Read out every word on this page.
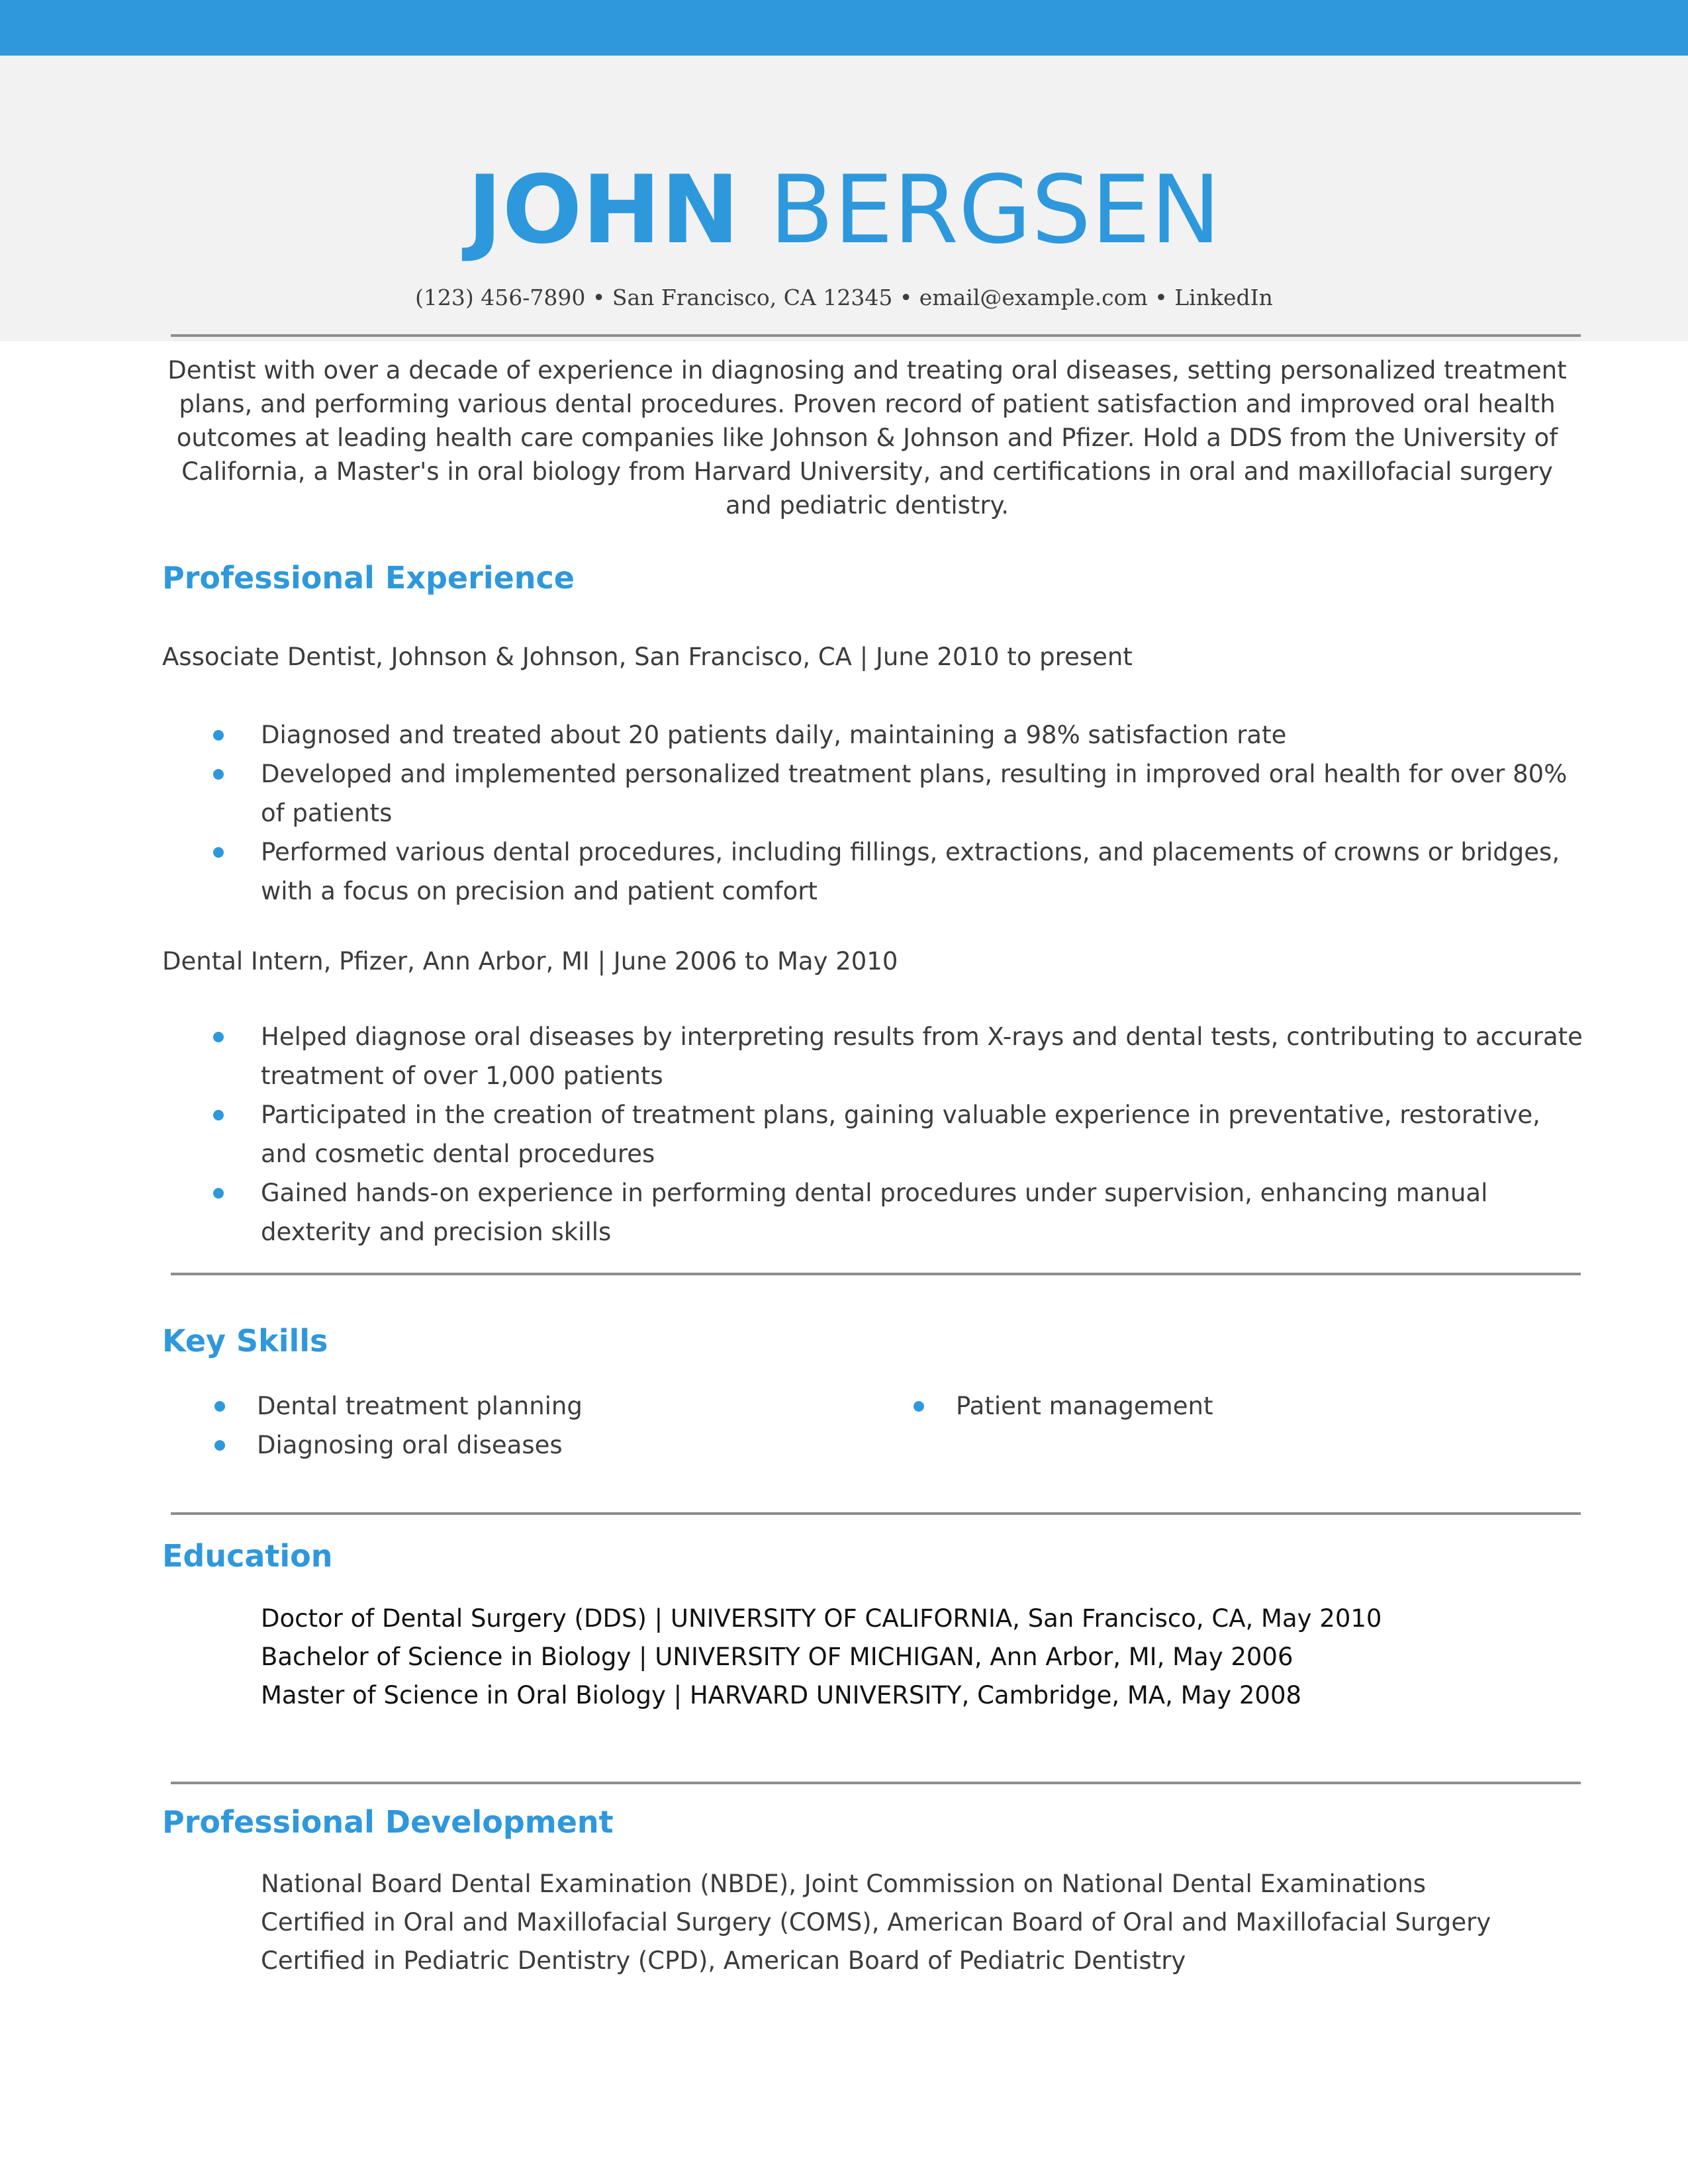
JOHN BERGSEN
(123) 456-7890 • San Francisco, CA 12345 • email@example.com • LinkedIn
Dentist with over a decade of experience in diagnosing and treating oral diseases, setting personalized treatment plans, and performing various dental procedures. Proven record of patient satisfaction and improved oral health outcomes at leading health care companies like Johnson & Johnson and Pfizer. Hold a DDS from the University of California, a Master's in oral biology from Harvard University, and certifications in oral and maxillofacial surgery and pediatric dentistry.
Professional Experience
Associate Dentist, Johnson & Johnson, San Francisco, CA | June 2010 to present
Diagnosed and treated about 20 patients daily, maintaining a 98% satisfaction rate
Developed and implemented personalized treatment plans, resulting in improved oral health for over 80% of patients
Performed various dental procedures, including fillings, extractions, and placements of crowns or bridges, with a focus on precision and patient comfort
Dental Intern, Pfizer, Ann Arbor, MI | June 2006 to May 2010
Helped diagnose oral diseases by interpreting results from X-rays and dental tests, contributing to accurate treatment of over 1,000 patients
Participated in the creation of treatment plans, gaining valuable experience in preventative, restorative, and cosmetic dental procedures
Gained hands-on experience in performing dental procedures under supervision, enhancing manual dexterity and precision skills
Key Skills
Dental treatment planning
Diagnosing oral diseases
Patient management
Education
Doctor of Dental Surgery (DDS) | UNIVERSITY OF CALIFORNIA, San Francisco, CA, May 2010
Bachelor of Science in Biology | UNIVERSITY OF MICHIGAN, Ann Arbor, MI, May 2006
Master of Science in Oral Biology | HARVARD UNIVERSITY, Cambridge, MA, May 2008
Professional Development
National Board Dental Examination (NBDE), Joint Commission on National Dental Examinations
Certified in Oral and Maxillofacial Surgery (COMS), American Board of Oral and Maxillofacial Surgery
Certified in Pediatric Dentistry (CPD), American Board of Pediatric Dentistry
